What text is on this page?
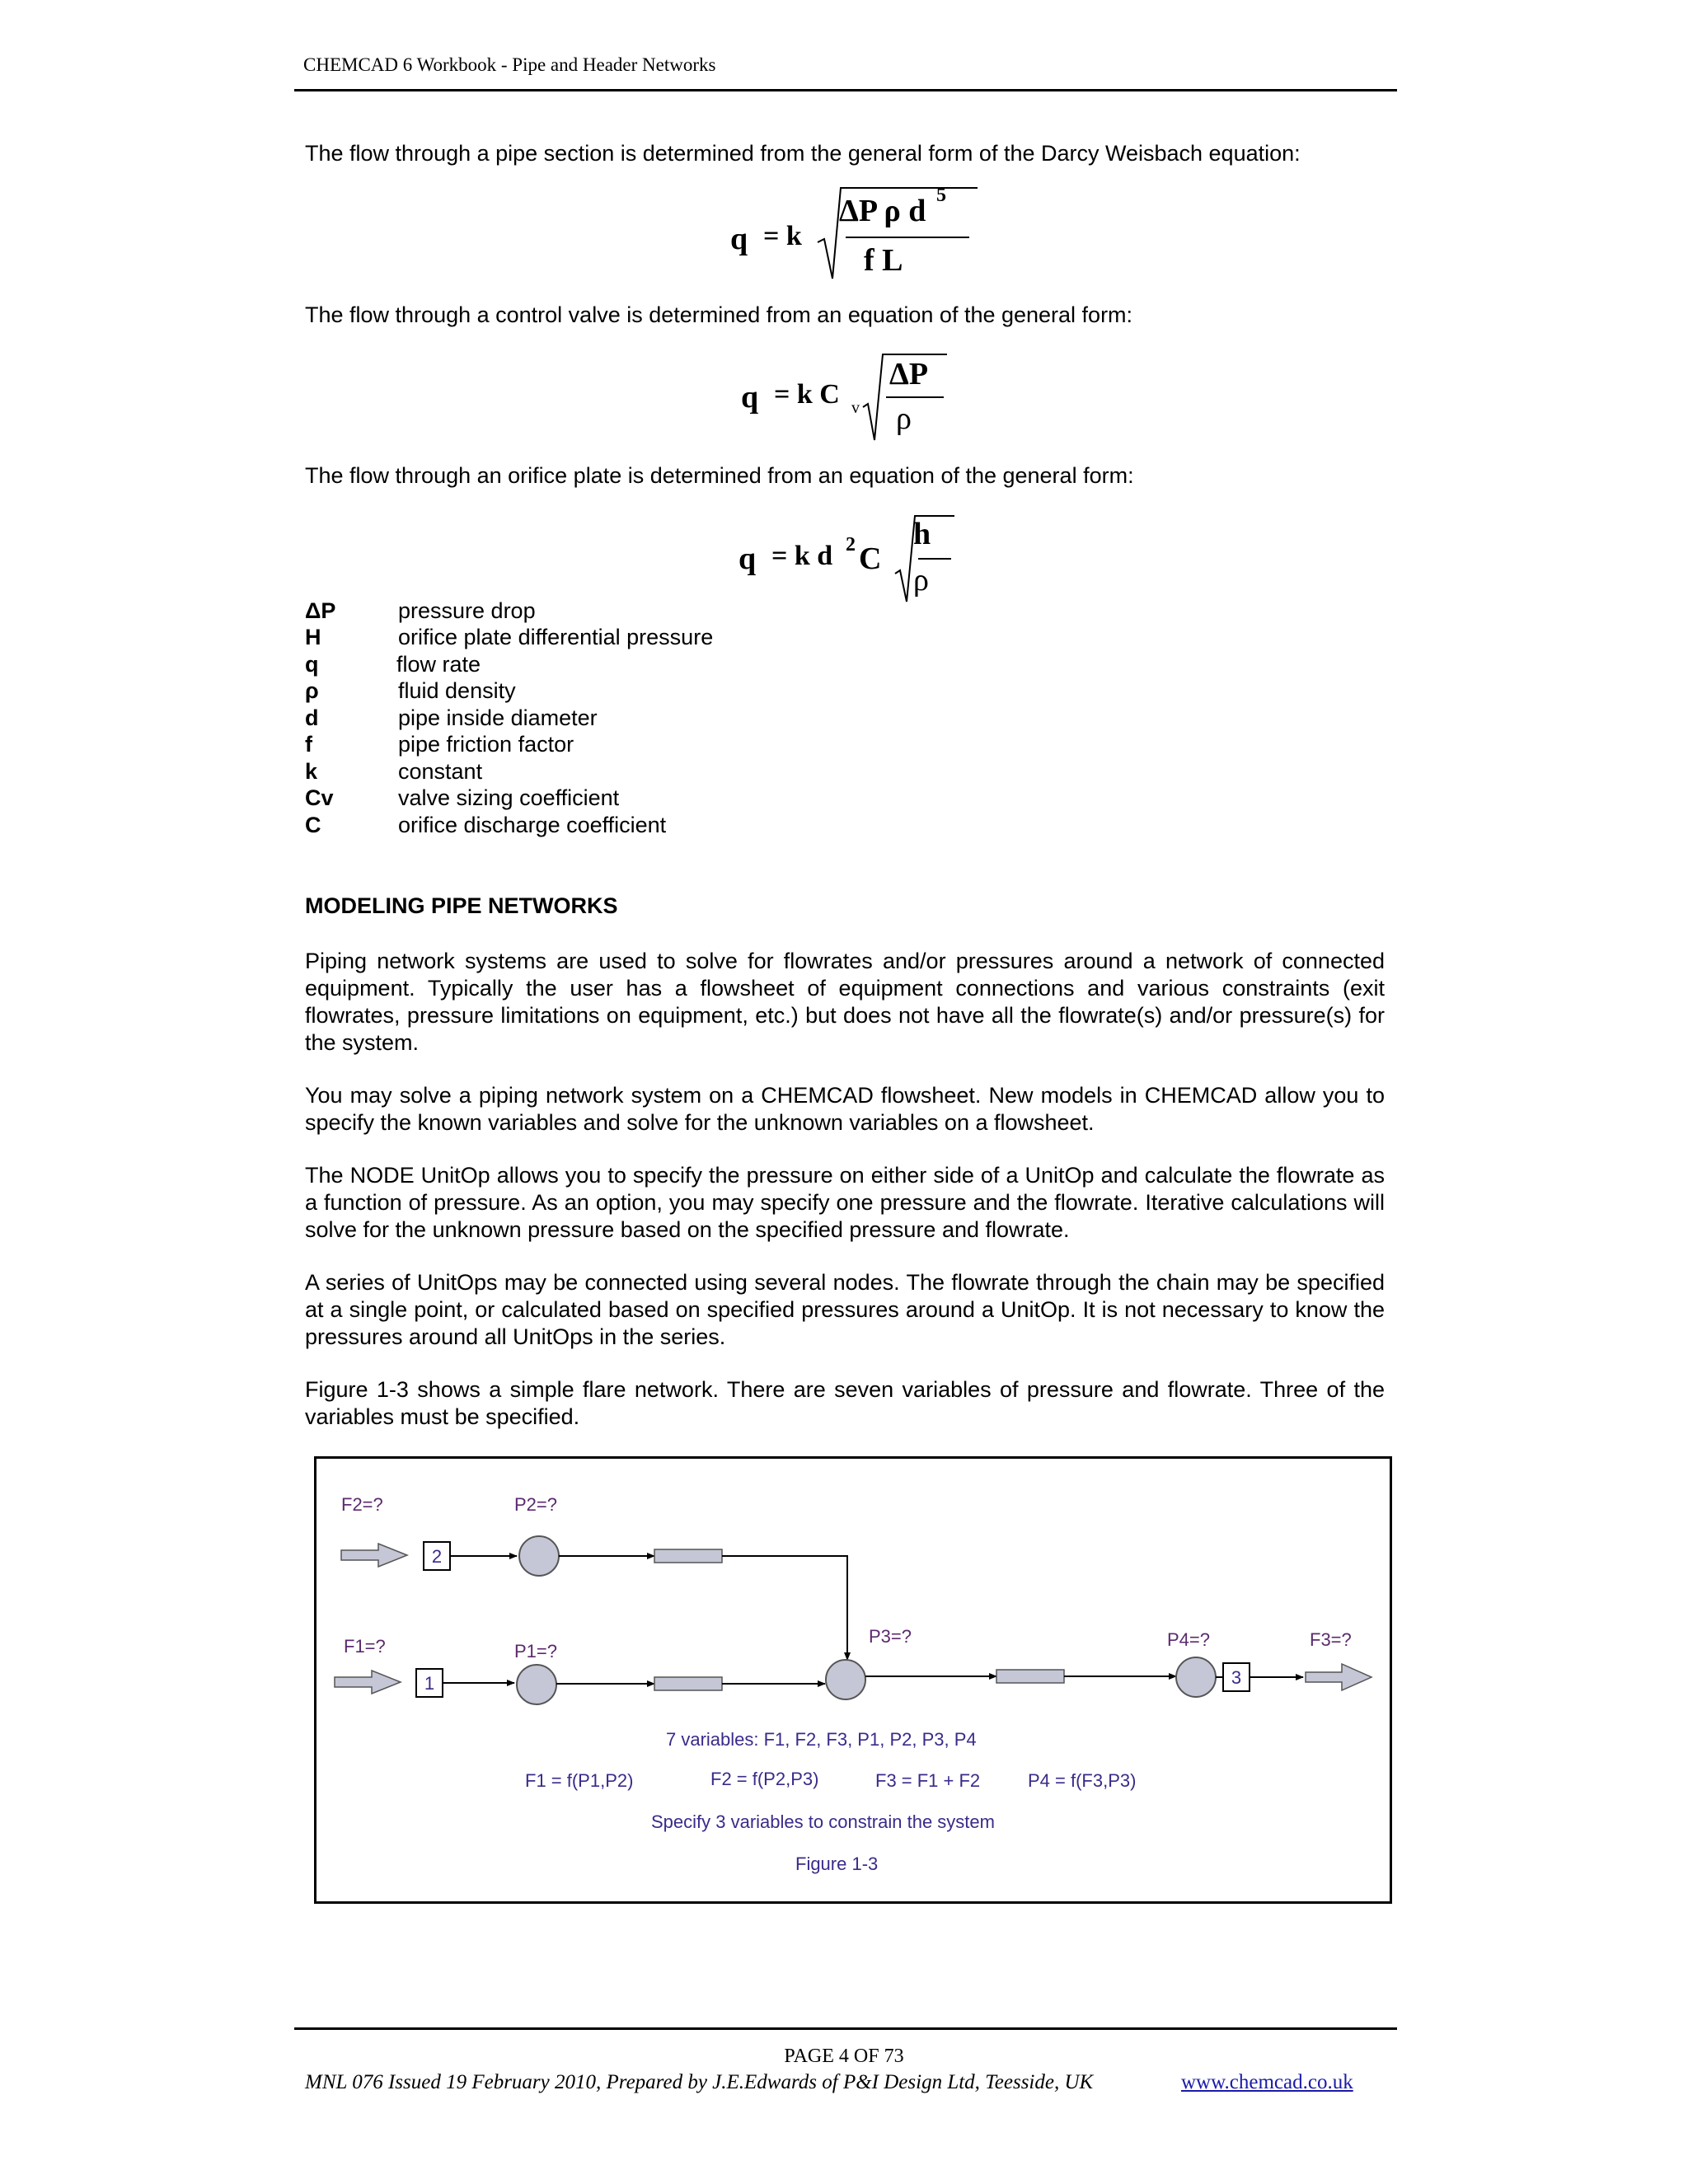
CHEMCAD 6 Workbook - Pipe and Header Networks
The flow through a pipe section is determined from the general form of the Darcy Weisbach equation:
q = k
ΔP ρ d 5
f L
The flow through a control valve is determined from an equation of the general form:
q = k C v
ΔP
ρ
The flow through an orifice plate is determined from an equation of the general form:
q = k d 2 C
h
ρ
ΔP	pressure drop
H	orifice plate differential pressure
q	flow rate
ρ	fluid density
d	pipe inside diameter
f	pipe friction factor
k	constant
Cv	valve sizing coefficient
C	orifice discharge coefficient
MODELING PIPE NETWORKS
Piping network systems are used to solve for flowrates and/or pressures around a network of connected equipment. Typically the user has a flowsheet of equipment connections and various constraints (exit flowrates, pressure limitations on equipment, etc.) but does not have all the flowrate(s) and/or pressure(s) for the system.
You may solve a piping network system on a CHEMCAD flowsheet. New models in CHEMCAD allow you to specify the known variables and solve for the unknown variables on a flowsheet.
The NODE UnitOp allows you to specify the pressure on either side of a UnitOp and calculate the flowrate as a function of pressure. As an option, you may specify one pressure and the flowrate. Iterative calculations will solve for the unknown pressure based on the specified pressure and flowrate.
A series of UnitOps may be connected using several nodes. The flowrate through the chain may be specified at a single point, or calculated based on specified pressures around a UnitOp. It is not necessary to know the pressures around all UnitOps in the series.
Figure 1-3 shows a simple flare network. There are seven variables of pressure and flowrate. Three of the variables must be specified.
F2=?
2
P2=?
F1=?
1
P1=?
P3=?	P4=?
3
F3=?
7 variables: F1, F2, F3, P1, P2, P3, P4
F1 = f(P1,P2)	F2 = f(P2,P3)	F3 = F1 + F2	P4 = f(F3,P3)
Specify 3 variables to constrain the system
Figure 1-3
PAGE 4 OF 73
MNL 076 Issued 19 February 2010, Prepared by J.E.Edwards of P&I Design Ltd, Teesside, UK	www.chemcad.co.uk
